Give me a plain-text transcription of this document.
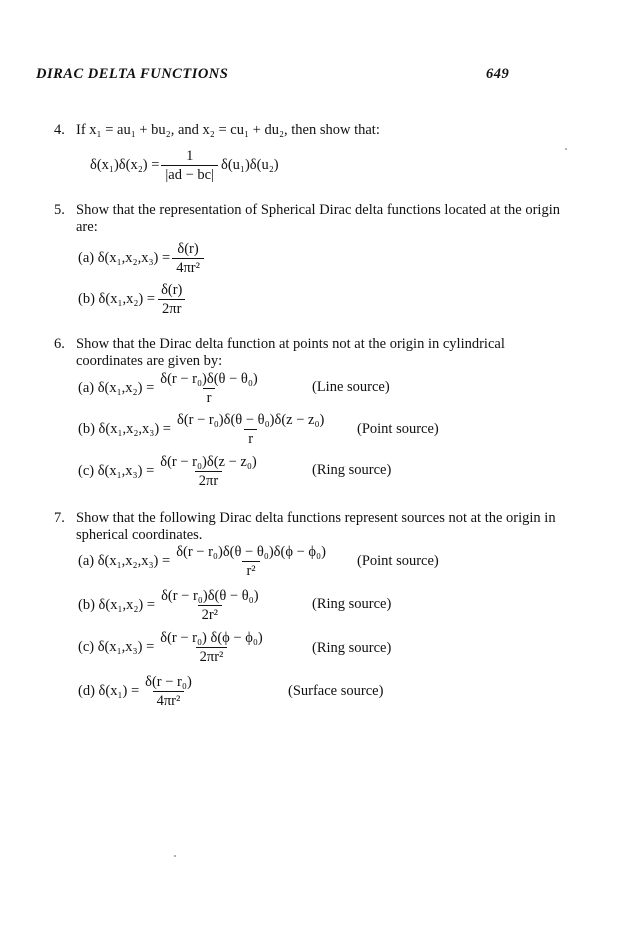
DIRAC DELTA FUNCTIONS	649
4. If x₁ = au₁ + bu₂, and x₂ = cu₁ + du₂, then show that:
$\delta(x_1)\delta(x_2) = \frac{1}{|ad - bc|} \delta(u_1)\delta(u_2)$
5. Show that the representation of Spherical Dirac delta functions located at the origin
are:
(a) $\delta(x_1,x_2,x_3) = \frac{\delta(r)}{\text{4πr²}}$
(b) $\delta(x_1,x_2) = \frac{\delta(r)}{2\pi r}$
6. Show that the Dirac delta function at points not at the origin in cylindrical
coordinates are given by:
(a) $\delta(x_1,x_2) = \frac{\text{δ(r − r₀)δ(θ − θ₀)}}{r}$	(Line source)
(b) $\delta(x_1,x_2,x_3) = \frac{\text{δ(r − r₀)δ(θ − θ₀)δ(z − z₀)}}{r}$ (Point source)
(c) $\delta(x_1,x_3) = \frac{\text{δ(r − r₀)δ(z − z₀)}}{2\pi r}$	(Ring source)
7. Show that the following Dirac delta functions represent sources not at the origin in
spherical coordinates.
(a) $\delta(x_1,x_2,x_3) = \frac{\text{δ(r − r₀)δ(θ − θ₀)δ(ϕ − ϕ₀)}}{\text{r²}}$ (Point source)
(b) $\delta(x_1,x_2) = \frac{\text{δ(r − r₀)δ(θ − θ₀)}}{\text{2r²}}$	(Ring source)
(c) $\delta(x_1,x_3) = \frac{\text{δ(r − r₀) δ(ϕ − ϕ₀)}}{\text{2πr²}}$	(Ring source)
(d) $\delta(x_1) = \frac{\text{δ(r − r₀)}}{\text{4πr²}}$	(Surface source)
